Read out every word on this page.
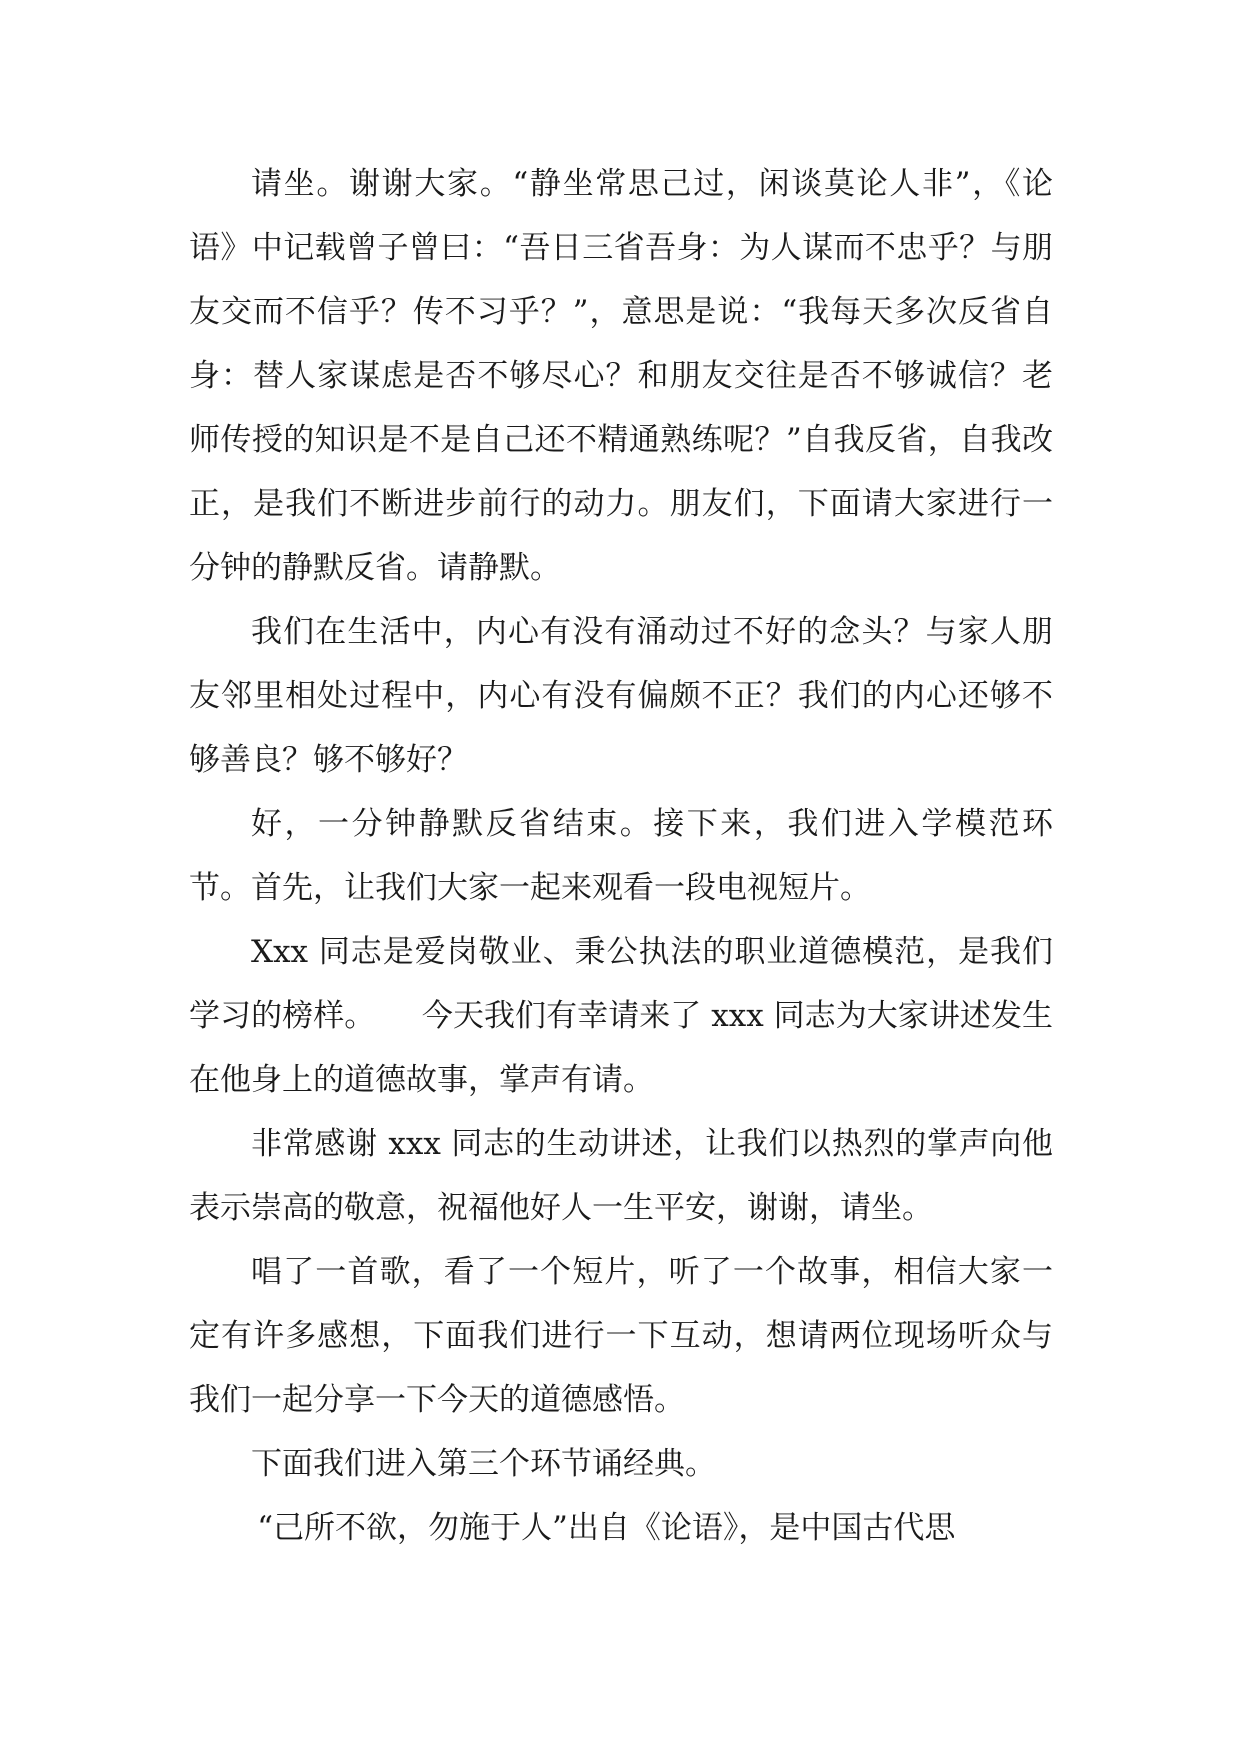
请坐。谢谢大家。“静坐常思己过，闲谈莫论人非”，《论语》中记载曾子曾曰：“吾日三省吾身：为人谋而不忠乎？与朋友交而不信乎？传不习乎？”，意思是说：“我每天多次反省自身：替人家谋虑是否不够尽心？和朋友交往是否不够诚信？老师传授的知识是不是自己还不精通熟练呢？”自我反省，自我改正，是我们不断进步前行的动力。朋友们，下面请大家进行一分钟的静默反省。请静默。

我们在生活中，内心有没有涌动过不好的念头？与家人朋友邻里相处过程中，内心有没有偏颇不正？我们的内心还够不够善良？够不够好？

好，一分钟静默反省结束。接下来，我们进入学模范环节。首先，让我们大家一起来观看一段电视短片。

Xxx 同志是爱岗敬业、秉公执法的职业道德模范，是我们学习的榜样。　　今天我们有幸请来了 xxx 同志为大家讲述发生在他身上的道德故事，掌声有请。

非常感谢 xxx 同志的生动讲述，让我们以热烈的掌声向他表示崇高的敬意，祝福他好人一生平安，谢谢，请坐。

唱了一首歌，看了一个短片，听了一个故事，相信大家一定有许多感想，下面我们进行一下互动，想请两位现场听众与我们一起分享一下今天的道德感悟。

下面我们进入第三个环节诵经典。

“己所不欲，勿施于人”出自《论语》，是中国古代思
